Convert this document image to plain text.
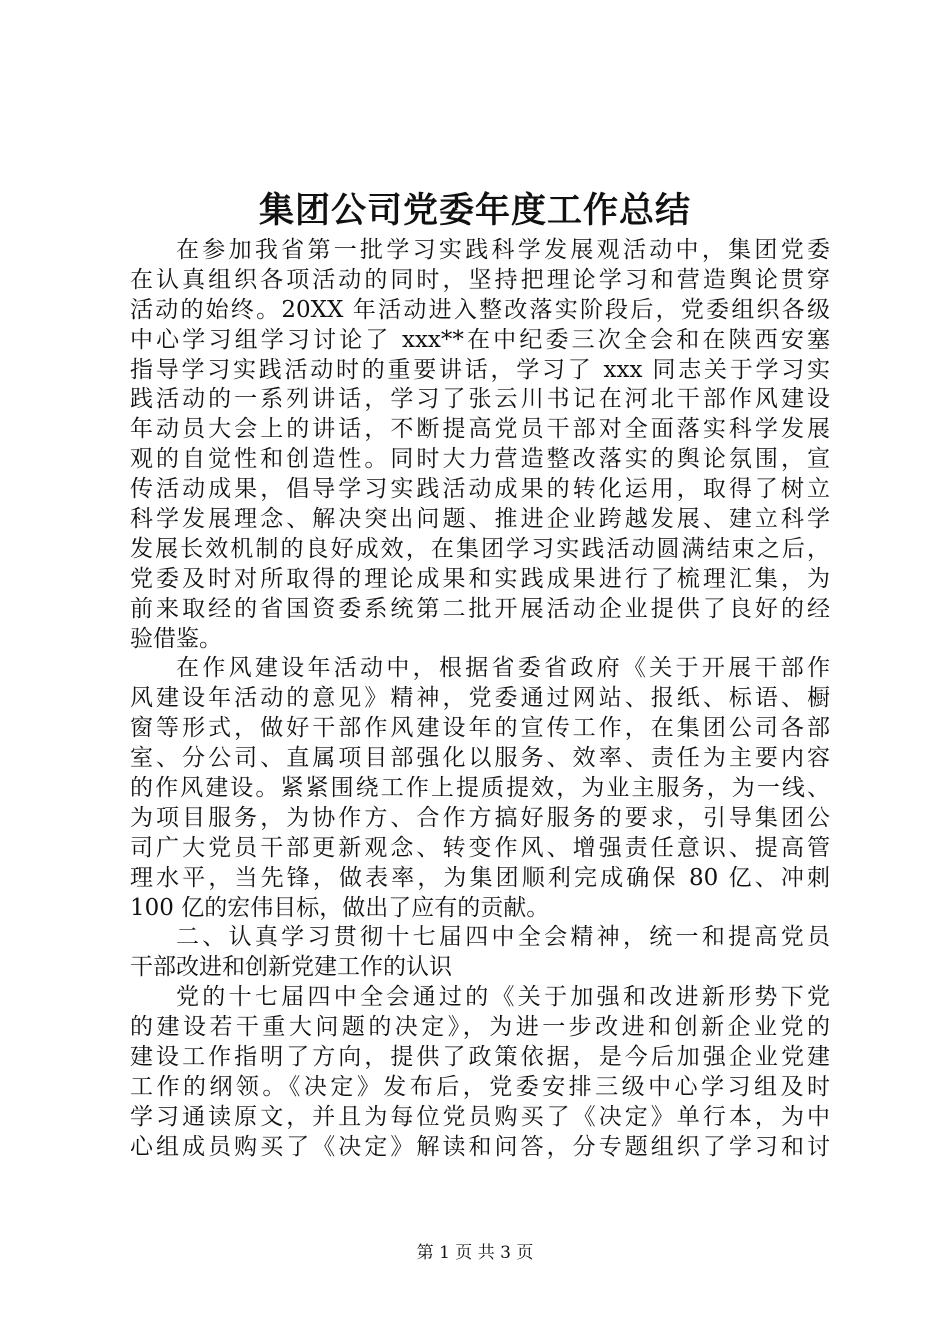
集团公司党委年度工作总结
在参加我省第一批学习实践科学发展观活动中，集团党委
在认真组织各项活动的同时，坚持把理论学习和营造舆论贯穿
活动的始终。20XX 年活动进入整改落实阶段后，党委组织各级
中心学习组学习讨论了 xxx**在中纪委三次全会和在陕西安塞
指导学习实践活动时的重要讲话，学习了 xxx 同志关于学习实
践活动的一系列讲话，学习了张云川书记在河北干部作风建设
年动员大会上的讲话，不断提高党员干部对全面落实科学发展
观的自觉性和创造性。同时大力营造整改落实的舆论氛围，宣
传活动成果，倡导学习实践活动成果的转化运用，取得了树立
科学发展理念、解决突出问题、推进企业跨越发展、建立科学
发展长效机制的良好成效，在集团学习实践活动圆满结束之后，
党委及时对所取得的理论成果和实践成果进行了梳理汇集，为
前来取经的省国资委系统第二批开展活动企业提供了良好的经
验借鉴。
在作风建设年活动中，根据省委省政府《关于开展干部作
风建设年活动的意见》精神，党委通过网站、报纸、标语、橱
窗等形式，做好干部作风建设年的宣传工作，在集团公司各部
室、分公司、直属项目部强化以服务、效率、责任为主要内容
的作风建设。紧紧围绕工作上提质提效，为业主服务，为一线、
为项目服务，为协作方、合作方搞好服务的要求，引导集团公
司广大党员干部更新观念、转变作风、增强责任意识、提高管
理水平，当先锋，做表率，为集团顺利完成确保 80 亿、冲刺
100 亿的宏伟目标，做出了应有的贡献。
二、认真学习贯彻十七届四中全会精神，统一和提高党员
干部改进和创新党建工作的认识
党的十七届四中全会通过的《关于加强和改进新形势下党
的建设若干重大问题的决定》，为进一步改进和创新企业党的
建设工作指明了方向，提供了政策依据，是今后加强企业党建
工作的纲领。《决定》发布后，党委安排三级中心学习组及时
学习通读原文，并且为每位党员购买了《决定》单行本，为中
心组成员购买了《决定》解读和问答，分专题组织了学习和讨
第 1 页 共 3 页
